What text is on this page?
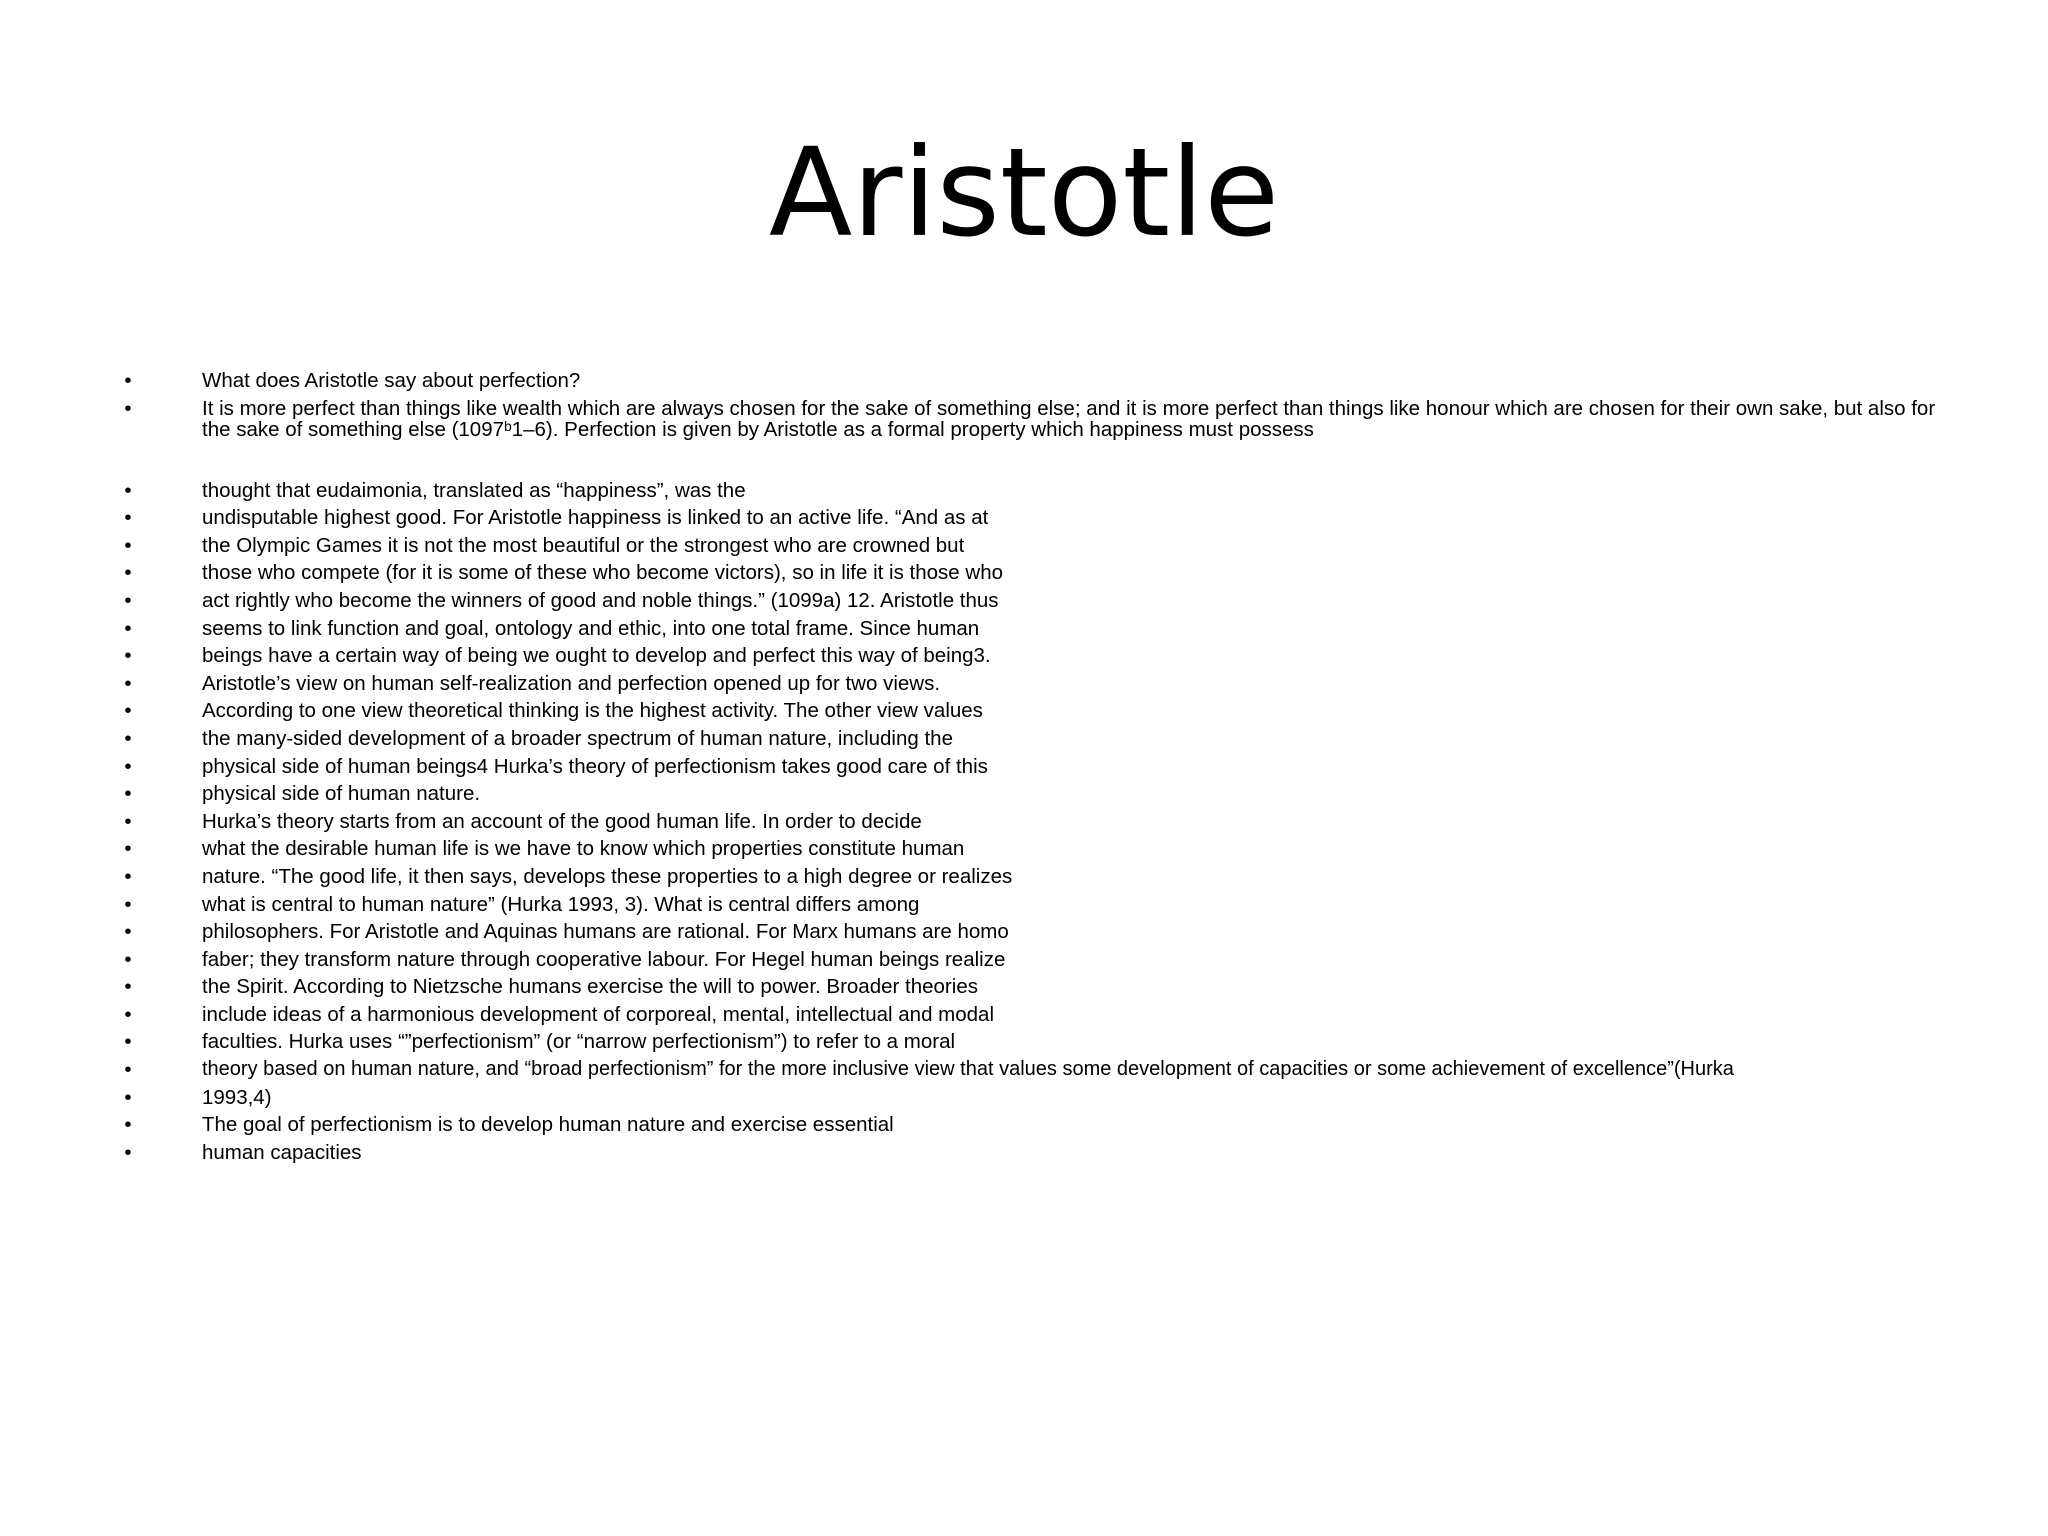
Aristotle
•	What does Aristotle say about perfection?
•	It is more perfect than things like wealth which are always chosen for the sake of something else; and it is more perfect than things like honour which are chosen for their own sake, but also for the sake of something else (1097ᵇ1–6). Perfection is given by Aristotle as a formal property which happiness must possess
•	thought that eudaimonia, translated as “happiness”, was the
•	undisputable highest good. For Aristotle happiness is linked to an active life. “And as at
•	the Olympic Games it is not the most beautiful or the strongest who are crowned but
•	those who compete (for it is some of these who become victors), so in life it is those who
•	act rightly who become the winners of good and noble things.” (1099a) 12. Aristotle thus
•	seems to link function and goal, ontology and ethic, into one total frame. Since human
•	beings have a certain way of being we ought to develop and perfect this way of being3.
•	Aristotle’s view on human self-realization and perfection opened up for two views.
•	According to one view theoretical thinking is the highest activity. The other view values
•	the many-sided development of a broader spectrum of human nature, including the
•	physical side of human beings4 Hurka’s theory of perfectionism takes good care of this
•	physical side of human nature.
•	Hurka’s theory starts from an account of the good human life. In order to decide
•	what the desirable human life is we have to know which properties constitute human
•	nature. “The good life, it then says, develops these properties to a high degree or realizes
•	what is central to human nature” (Hurka 1993, 3). What is central differs among
•	philosophers. For Aristotle and Aquinas humans are rational. For Marx humans are homo
•	faber; they transform nature through cooperative labour. For Hegel human beings realize
•	the Spirit. According to Nietzsche humans exercise the will to power. Broader theories
•	include ideas of a harmonious development of corporeal, mental, intellectual and modal
•	faculties. Hurka uses “”perfectionism” (or “narrow perfectionism”) to refer to a moral
•	theory based on human nature, and “broad perfectionism” for the more inclusive view that values some development of capacities or some achievement of excellence”(Hurka
•	1993,4)
•	The goal of perfectionism is to develop human nature and exercise essential
•	human capacities
